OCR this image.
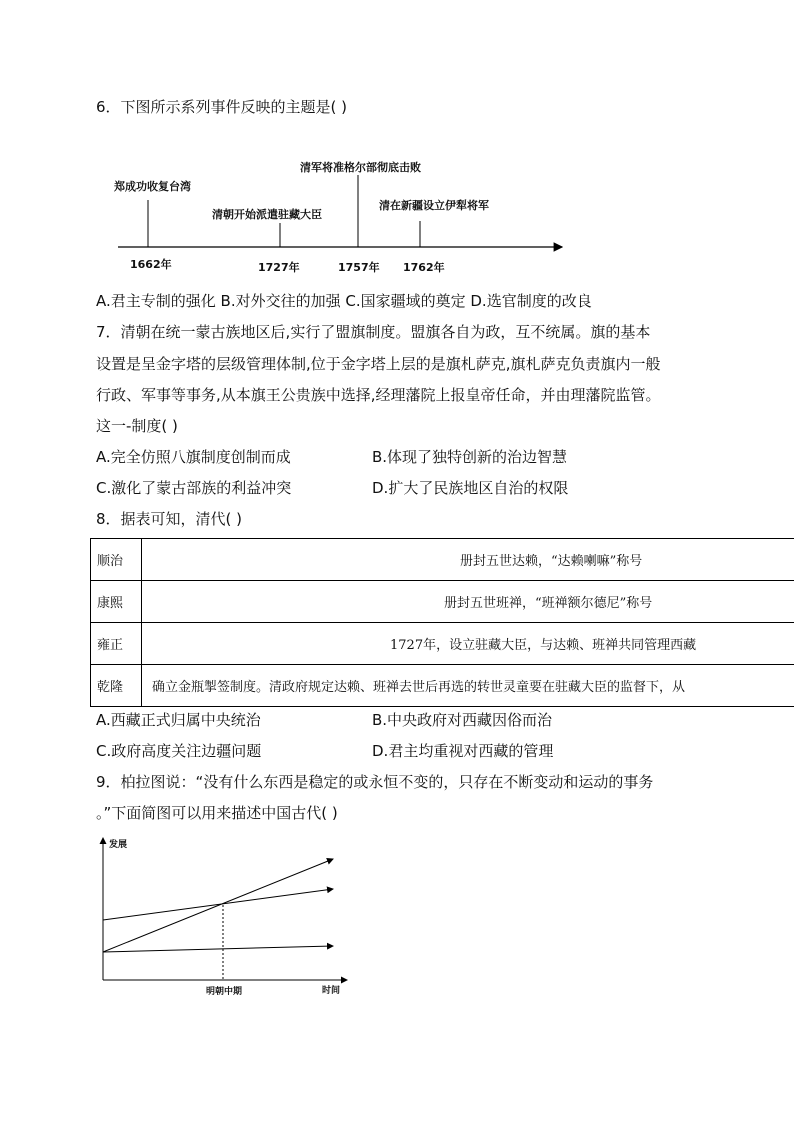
6．下图所示系列事件反映的主题是( )
郑成功收复台湾
清朝开始派遣驻藏大臣
清军将准格尔部彻底击败
清在新疆设立伊犁将军
1662年	1727年	1757年 1762年
A.君主专制的强化 B.对外交往的加强 C.国家疆域的奠定 D.选官制度的改良
7．清朝在统一蒙古族地区后,实行了盟旗制度。盟旗各自为政，互不统属。旗的基本
设置是呈金字塔的层级管理体制,位于金字塔上层的是旗札萨克,旗札萨克负责旗内一般
行政、军事等事务,从本旗王公贵族中选择,经理藩院上报皇帝任命，并由理藩院监管。
这一-制度( )
A.完全仿照八旗制度创制而成	B.体现了独特创新的治边智慧
C.激化了蒙古部族的利益冲突	D.扩大了民族地区自治的权限
8．据表可知，清代( )
顺治	册封五世达赖，“达赖喇嘛”称号

康熙	册封五世班禅，“班禅额尔德尼”称号

雍正	1727年，设立驻藏大臣，与达赖、班禅共同管理西藏

乾隆	确立金瓶掣签制度。清政府规定达赖、班禅去世后再选的转世灵童要在驻藏大臣的监督下，从
A.西藏正式归属中央统治	B.中央政府对西藏因俗而治
C.政府高度关注边疆问题	D.君主均重视对西藏的管理
9．柏拉图说：“没有什么东西是稳定的或永恒不变的，只存在不断变动和运动的事务
。”下面简图可以用来描述中国古代( )
发展
时间
明朝中期
